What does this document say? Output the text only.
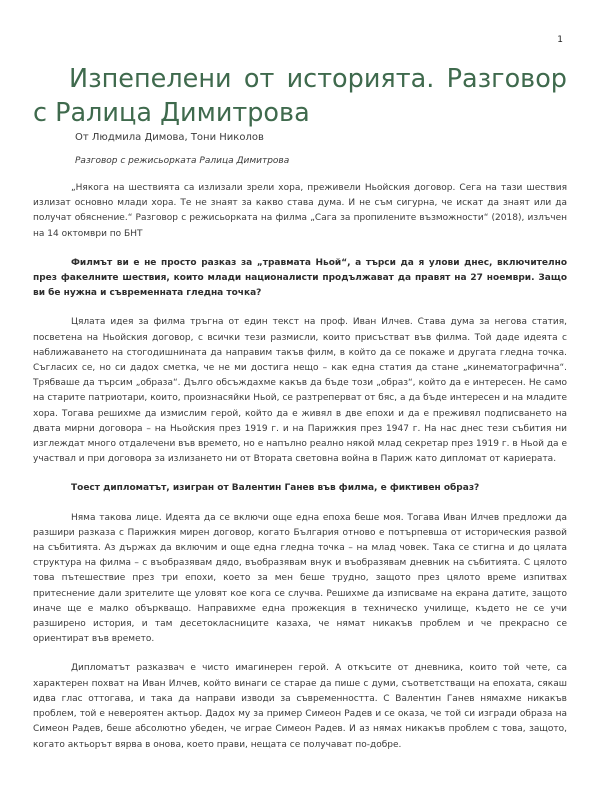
1
Изпепелени от историята. Разговор с Ралица Димитрова
От Людмила Димова, Тони Николов
Разговор с режисьорката Ралица Димитрова

„Някога на шествията са излизали зрели хора, преживели Ньойския договор. Сега на тази шествия излизат основно млади хора. Те не знаят за какво става дума. И не съм сигурна, че искат да знаят или да получат обяснение.“ Разговор с режисьорката на филма „Сага за пропилените възможности“ (2018), излъчен на 14 октомври по БНТ

Филмът ви е не просто разказ за „травмата Ньой“, а търси да я улови днес, включително през факелните шествия, които млади националисти продължават да правят на 27 ноември. Защо ви бе нужна и съвременната гледна точка?

Цялата идея за филма тръгна от един текст на проф. Иван Илчев. Става дума за негова статия, посветена на Ньойския договор, с всички тези размисли, които присъстват във филма. Той даде идеята с наближаването на стогодишнината да направим такъв филм, в който да се покаже и другата гледна точка. Съгласих се, но си дадох сметка, че не ми достига нещо – как една статия да стане „кинематографична“. Трябваше да търсим „образа“. Дълго обсъждахме какъв да бъде този „образ“, който да е интересен. Не само на старите патриотари, които, произнасяйки Ньой, се разтреперват от бяс, а да бъде интересен и на младите хора. Тогава решихме да измислим герой, който да е живял в две епохи и да е преживял подписването на двата мирни договора – на Ньойския през 1919 г. и на Парижкия през 1947 г. На нас днес тези събития ни изглеждат много отдалечени във времето, но е напълно реално някой млад секретар през 1919 г. в Ньой да е участвал и при договора за излизането ни от Втората световна война в Париж като дипломат от кариерата.

Тоест дипломатът, изигран от Валентин Ганев във филма, е фиктивен образ?

Няма такова лице. Идеята да се включи още една епоха беше моя. Тогава Иван Илчев предложи да разшири разказа с Парижкия мирен договор, когато България отново е потърпевша от историческия развой на събитията. Аз държах да включим и още една гледна точка – на млад човек. Така се стигна и до цялата структура на филма – с въобразявам дядо, въобразявам внук и въобразявам дневник на събитията. С цялото това пътешествие през три епохи, което за мен беше трудно, защото през цялото време изпитвах притеснение дали зрителите ще уловят кое кога се случва. Решихме да изписваме на екрана датите, защото иначе ще е малко объркващо. Направихме една прожекция в техническо училище, където не се учи разширено история, и там десетокласниците казаха, че нямат никакъв проблем и че прекрасно се ориентират във времето.

Дипломатът разказвач е чисто имагинерен герой. А откъсите от дневника, които той чете, са характерен похват на Иван Илчев, който винаги се старае да пише с думи, съответстващи на епохата, сякаш идва глас оттогава, и така да направи изводи за съвременността. С Валентин Ганев нямахме никакъв проблем, той е невероятен актьор. Дадох му за пример Симеон Радев и се оказа, че той си изгради образа на Симеон Радев, беше абсолютно убеден, че играе Симеон Радев. И аз нямах никакъв проблем с това, защото, когато актьорът вярва в онова, което прави, нещата се получават по-добре.
